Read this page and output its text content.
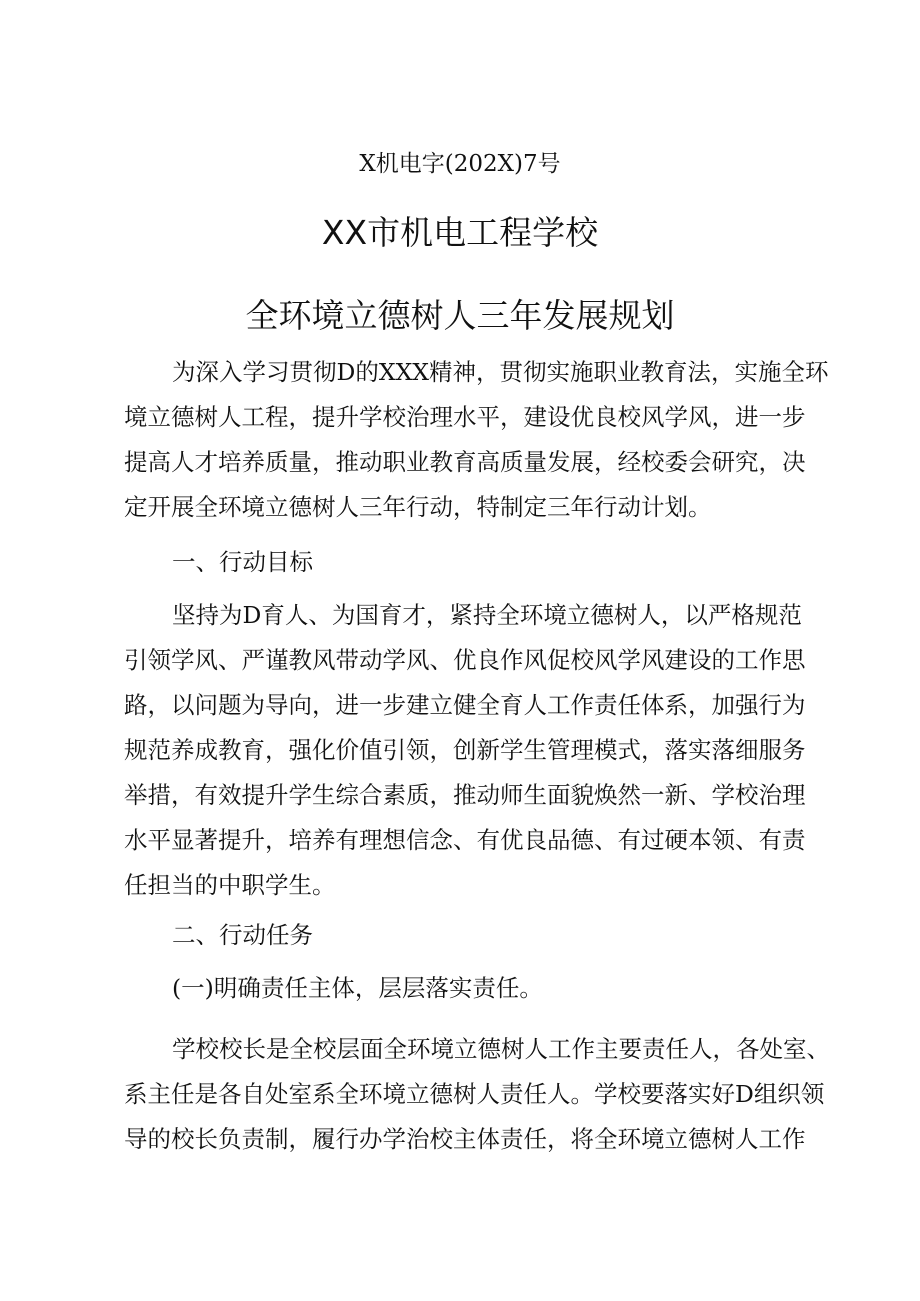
X机电字(202X)7号
XX市机电工程学校
全环境立德树人三年发展规划
为深入学习贯彻D的XXX精神，贯彻实施职业教育法，实施全环
境立德树人工程，提升学校治理水平，建设优良校风学风，进一步
提高人才培养质量，推动职业教育高质量发展，经校委会研究，决
定开展全环境立德树人三年行动，特制定三年行动计划。
一、行动目标
坚持为D育人、为国育才，紧持全环境立德树人，以严格规范
引领学风、严谨教风带动学风、优良作风促校风学风建设的工作思
路，以问题为导向，进一步建立健全育人工作责任体系，加强行为
规范养成教育，强化价值引领，创新学生管理模式，落实落细服务
举措，有效提升学生综合素质，推动师生面貌焕然一新、学校治理
水平显著提升，培养有理想信念、有优良品德、有过硬本领、有责
任担当的中职学生。
二、行动任务
(一)明确责任主体，层层落实责任。
学校校长是全校层面全环境立德树人工作主要责任人，各处室、
系主任是各自处室系全环境立德树人责任人。学校要落实好D组织领
导的校长负责制，履行办学治校主体责任，将全环境立德树人工作
